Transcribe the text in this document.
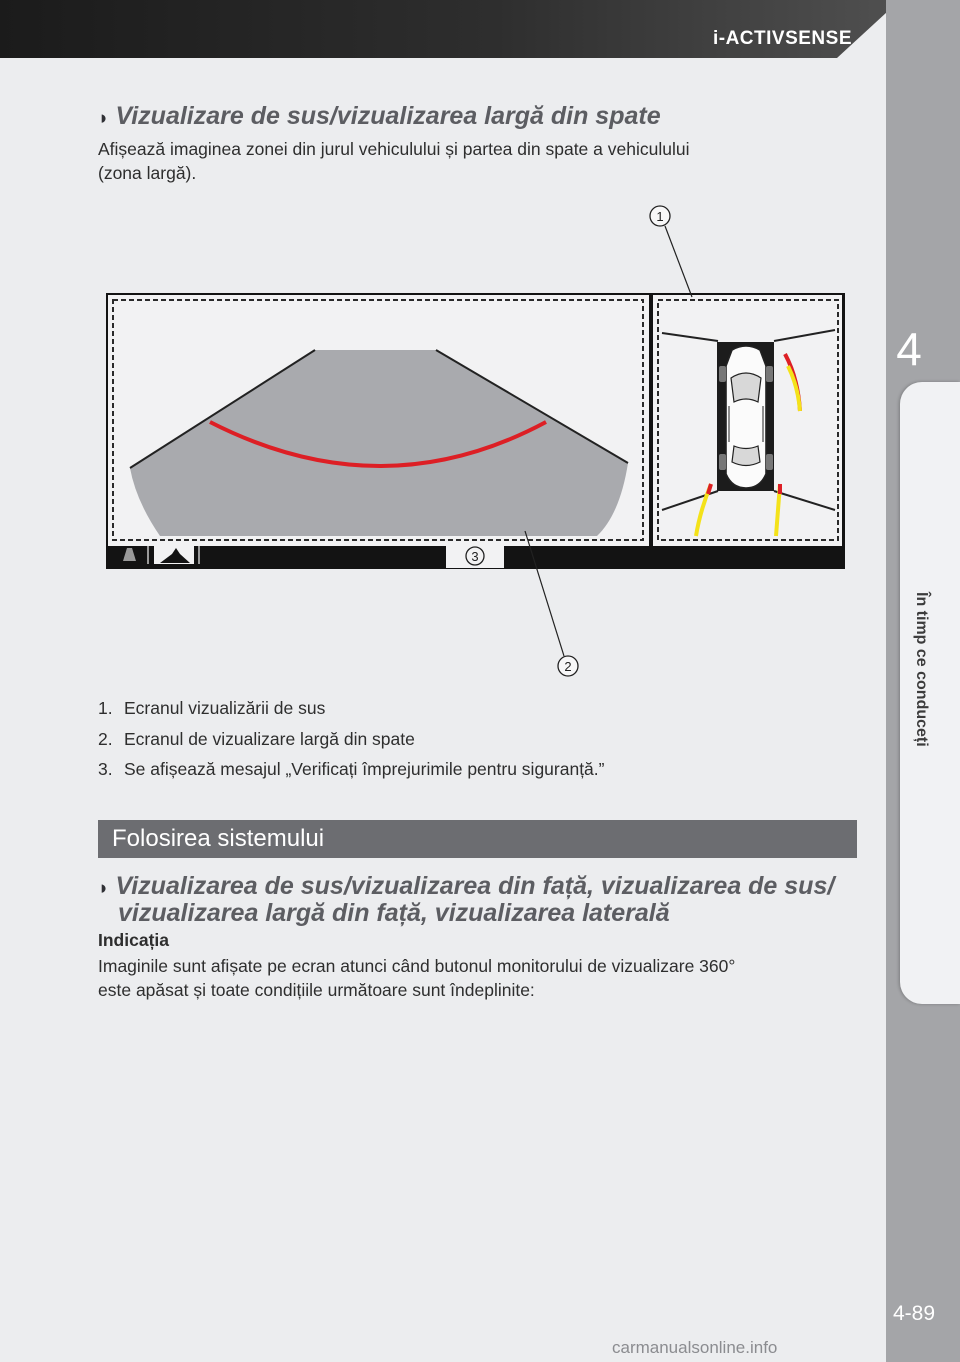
i-ACTIVSENSE
4
În timp ce conduceți
◗ Vizualizare de sus/vizualizarea largă din spate
Afișează imaginea zonei din jurul vehiculului și partea din spate a vehiculului
(zona largă).
3
1
2
1. Ecranul vizualizării de sus
2. Ecranul de vizualizare largă din spate
3. Se afișează mesajul „Verificați împrejurimile pentru siguranță.”
Folosirea sistemului
◗ Vizualizarea de sus/vizualizarea din față, vizualizarea de sus/
vizualizarea largă din față, vizualizarea laterală
Indicația
Imaginile sunt afișate pe ecran atunci când butonul monitorului de vizualizare 360°
este apăsat și toate condițiile următoare sunt îndeplinite:
4-89
carmanualsonline.info
